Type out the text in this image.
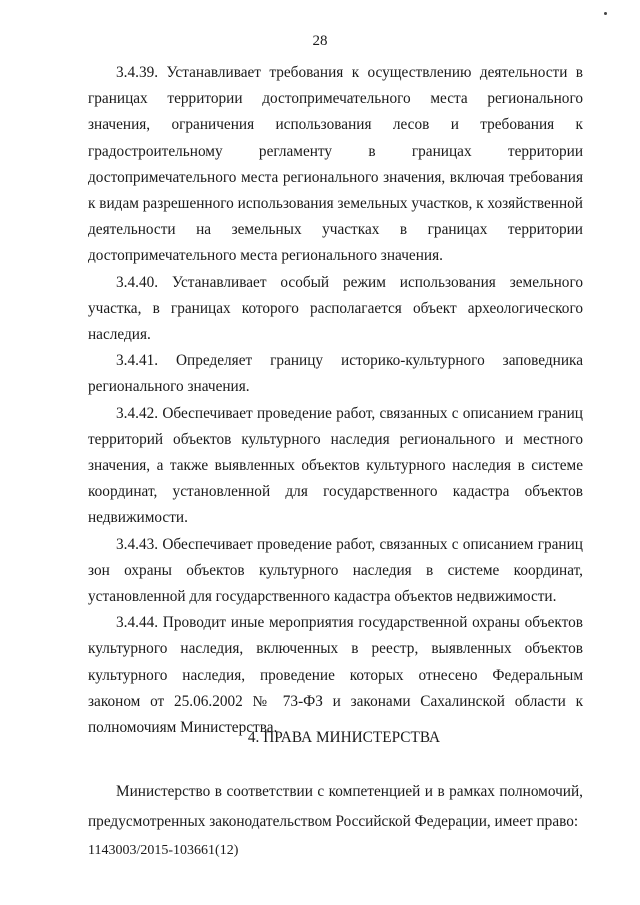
28

3.4.39. Устанавливает требования к осуществлению деятельности в границах территории достопримечательного места регионального значения, ограничения использования лесов и требования к градостроительному регламенту в границах территории достопримечательного места регионального значения, включая требования к видам разрешенного использования земельных участков, к хозяйственной деятельности на земельных участках в границах территории достопримечательного места регионального значения.

3.4.40. Устанавливает особый режим использования земельного участка, в границах которого располагается объект археологического наследия.

3.4.41. Определяет границу историко-культурного заповедника регионального значения.

3.4.42. Обеспечивает проведение работ, связанных с описанием границ территорий объектов культурного наследия регионального и местного значения, а также выявленных объектов культурного наследия в системе координат, установленной для государственного кадастра объектов недвижимости.

3.4.43. Обеспечивает проведение работ, связанных с описанием границ зон охраны объектов культурного наследия в системе координат, установленной для государственного кадастра объектов недвижимости.

3.4.44. Проводит иные мероприятия государственной охраны объектов культурного наследия, включенных в реестр, выявленных объектов культурного наследия, проведение которых отнесено Федеральным законом от 25.06.2002 № 73-ФЗ и законами Сахалинской области к полномочиям Министерства.

4. ПРАВА МИНИСТЕРСТВА

Министерство в соответствии с компетенцией и в рамках полномочий, предусмотренных законодательством Российской Федерации, имеет право:

1143003/2015-103661(12)
